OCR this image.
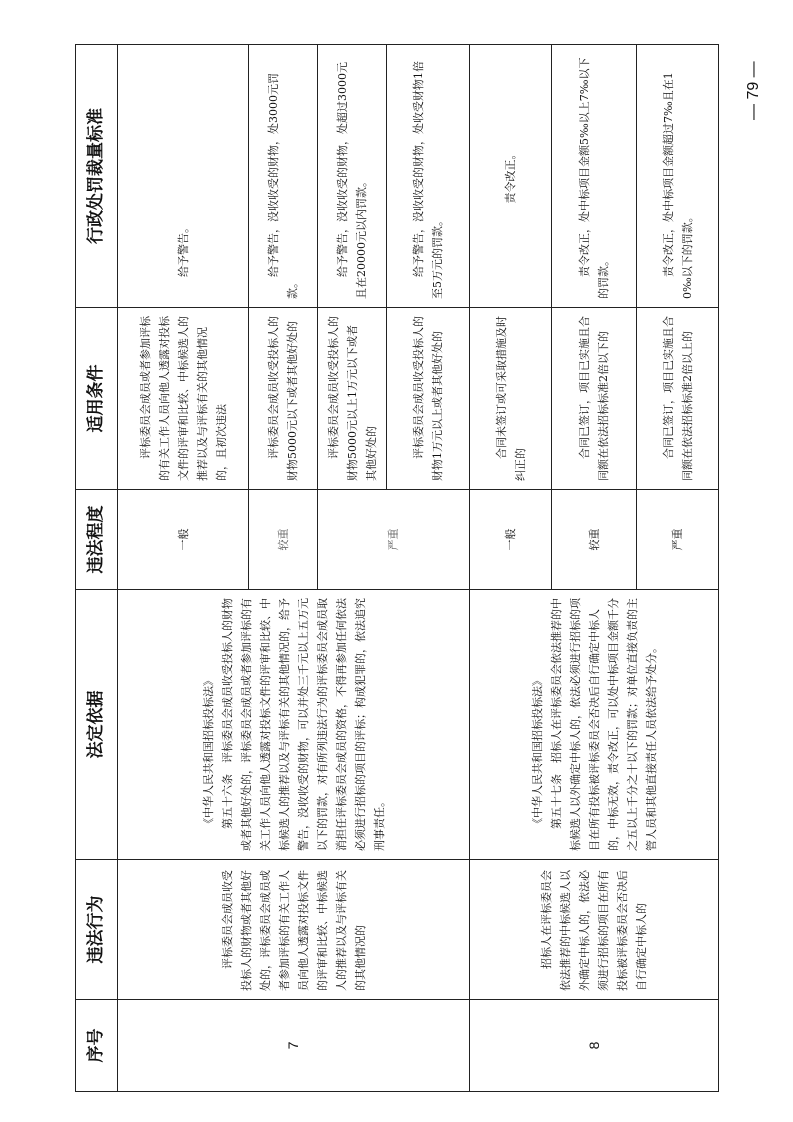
— 79 —
序号	违法行为	法定依据	违法程度	适用条件	行政处罚裁量标准
7	评标委员会成员收受投标人的财物或者其他好处的，评标委员会成员或者参加评标的有关工作人员向他人透露对投标文件的评审和比较、中标候选人的推荐以及与评标有关的其他情况的	《中华人民共和国招标投标法》 第五十六条　评标委员会成员收受投标人的财物或者其他好处的，评标委员会成员或者参加评标的有关工作人员向他人透露对投标文件的评审和比较、中标候选人的推荐以及与评标有关的其他情况的，给予警告，没收收受的财物，可以并处三千元以上五万元以下的罚款，对有所列违法行为的评标委员会成员取消担任评标委员会成员的资格，不得再参加任何依法必须进行招标的项目的评标；构成犯罪的，依法追究刑事责任。	一般	评标委员会成员或者参加评标的有关工作人员向他人透露对投标文件的评审和比较、中标候选人的推荐以及与评标有关的其他情况的，且初次违法	给予警告。

			较重	评标委员会成员收受投标人的财物5000元以下或者其他好处的	给予警告，没收收受的财物，处3000元罚款。

			严重	评标委员会成员收受投标人的财物5000元以上1万元以下或者其他好处的	给予警告，没收收受的财物，处超过3000元且在20000元以内罚款。

				评标委员会成员收受投标人的财物1万元以上或者其他好处的	给予警告，没收收受的财物，处收受财物1倍至5万元的罚款。

8	招标人在评标委员会依法推荐的中标候选人以外确定中标人的，依法必须进行招标的项目在所有投标被评标委员会否决后自行确定中标人的	《中华人民共和国招标投标法》 第五十七条　招标人在评标委员会依法推荐的中标候选人以外确定中标人的，依法必须进行招标的项目在所有投标被评标委员会否决后自行确定中标人的，中标无效，责令改正，可以处中标项目金额千分之五以上千分之十以下的罚款；对单位直接负责的主管人员和其他直接责任人员依法给予处分。	一般	合同未签订或可采取措施及时纠正的	责令改正。
			较重	合同已签订，项目已实施且合同额在依法招标标准2倍以下的	责令改正，处中标项目金额5‰以上7‰以下的罚款。

			严重	合同已签订，项目已实施且合同额在依法招标标准2倍以上的	责令改正，处中标项目金额超过7‰且在10‰以下的罚款。
